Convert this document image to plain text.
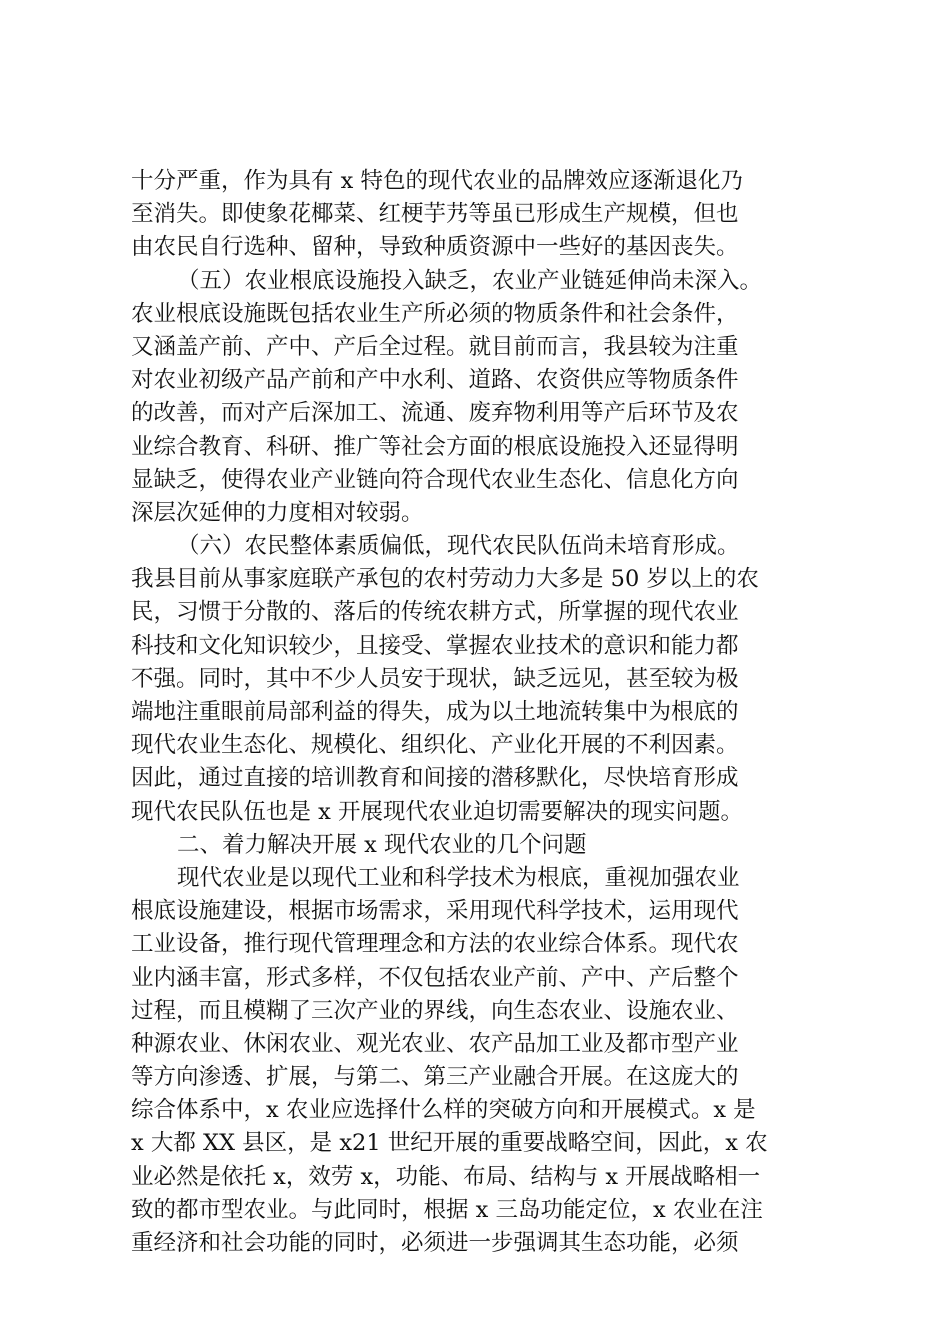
十分严重，作为具有 x 特色的现代农业的品牌效应逐渐退化乃
至消失。即使象花椰菜、红梗芋艿等虽已形成生产规模，但也
由农民自行选种、留种，导致种质资源中一些好的基因丧失。
（五）农业根底设施投入缺乏，农业产业链延伸尚未深入。
农业根底设施既包括农业生产所必须的物质条件和社会条件，
又涵盖产前、产中、产后全过程。就目前而言，我县较为注重
对农业初级产品产前和产中水利、道路、农资供应等物质条件
的改善，而对产后深加工、流通、废弃物利用等产后环节及农
业综合教育、科研、推广等社会方面的根底设施投入还显得明
显缺乏，使得农业产业链向符合现代农业生态化、信息化方向
深层次延伸的力度相对较弱。
（六）农民整体素质偏低，现代农民队伍尚未培育形成。
我县目前从事家庭联产承包的农村劳动力大多是 50 岁以上的农
民，习惯于分散的、落后的传统农耕方式，所掌握的现代农业
科技和文化知识较少，且接受、掌握农业技术的意识和能力都
不强。同时，其中不少人员安于现状，缺乏远见，甚至较为极
端地注重眼前局部利益的得失，成为以土地流转集中为根底的
现代农业生态化、规模化、组织化、产业化开展的不利因素。
因此，通过直接的培训教育和间接的潜移默化，尽快培育形成
现代农民队伍也是 x 开展现代农业迫切需要解决的现实问题。
二、着力解决开展 x 现代农业的几个问题
现代农业是以现代工业和科学技术为根底，重视加强农业
根底设施建设，根据市场需求，采用现代科学技术，运用现代
工业设备，推行现代管理理念和方法的农业综合体系。现代农
业内涵丰富，形式多样，不仅包括农业产前、产中、产后整个
过程，而且模糊了三次产业的界线，向生态农业、设施农业、
种源农业、休闲农业、观光农业、农产品加工业及都市型产业
等方向渗透、扩展，与第二、第三产业融合开展。在这庞大的
综合体系中，x 农业应选择什么样的突破方向和开展模式。x 是
x 大都 XX 县区，是 x21 世纪开展的重要战略空间，因此，x 农
业必然是依托 x，效劳 x，功能、布局、结构与 x 开展战略相一
致的都市型农业。与此同时，根据 x 三岛功能定位，x 农业在注
重经济和社会功能的同时，必须进一步强调其生态功能，必须
